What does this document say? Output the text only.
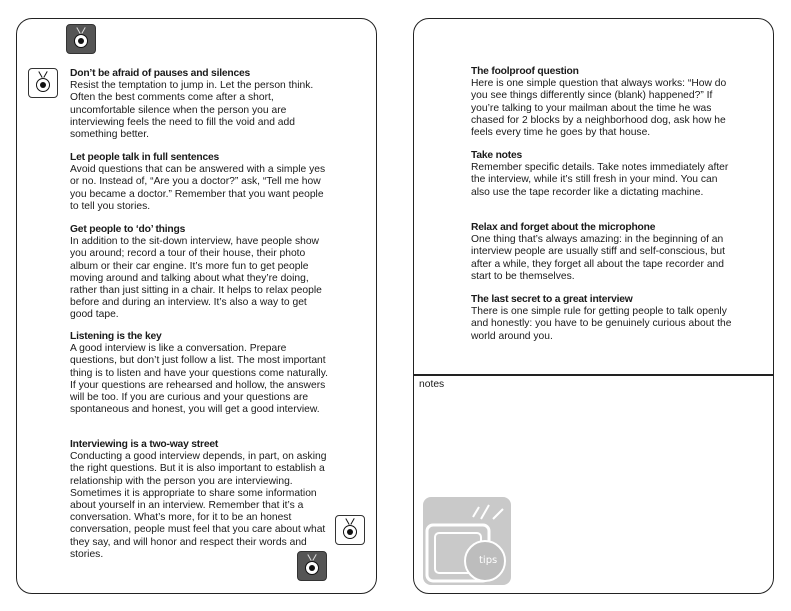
Don’t be afraid of pauses and silences

Resist the temptation to jump in. Let the person think. Often the best comments come after a short, uncomfortable silence when the person you are interviewing feels the need to fill the void and add something better.

Let people talk in full sentences

Avoid questions that can be answered with a simple yes or no. Instead of, “Are you a doctor?” ask, “Tell me how you became a doctor.” Remember that you want people to tell you stories.

Get people to ‘do’ things

In addition to the sit-down interview, have people show you around; record a tour of their house, their photo album or their car engine. It’s more fun to get people moving around and talking about what they’re doing, rather than just sitting in a chair. It helps to relax people before and during an interview. It’s also a way to get good tape.

Listening is the key

A good interview is like a conversation. Prepare questions, but don’t just follow a list. The most important thing is to listen and have your questions come naturally. If your questions are rehearsed and hollow, the answers will be too. If you are curious and your questions are spontaneous and honest, you will get a good interview.

Interviewing is a two-way street

Conducting a good interview depends, in part, on asking the right questions. But it is also important to establish a relationship with the person you are interviewing. Sometimes it is appropriate to share some information about yourself in an interview. Remember that it’s a conversation. What’s more, for it to be an honest conversation, people must feel that you care about what they say, and will honor and respect their words and stories.

The foolproof question

Here is one simple question that always works: “How do you see things differently since (blank) happened?” If you’re talking to your mailman about the time he was chased for 2 blocks by a neighborhood dog, ask how he feels every time he goes by that house.

Take notes

Remember specific details. Take notes immediately after the interview, while it’s still fresh in your mind. You can also use the tape recorder like a dictating machine.

Relax and forget about the microphone

One thing that’s always amazing: in the beginning of an interview people are usually stiff and self-conscious, but after a while, they forget all about the tape recorder and start to be themselves.

The last secret to a great interview

There is one simple rule for getting people to talk openly and honestly: you have to be genuinely curious about the world around you.

notes
tips
